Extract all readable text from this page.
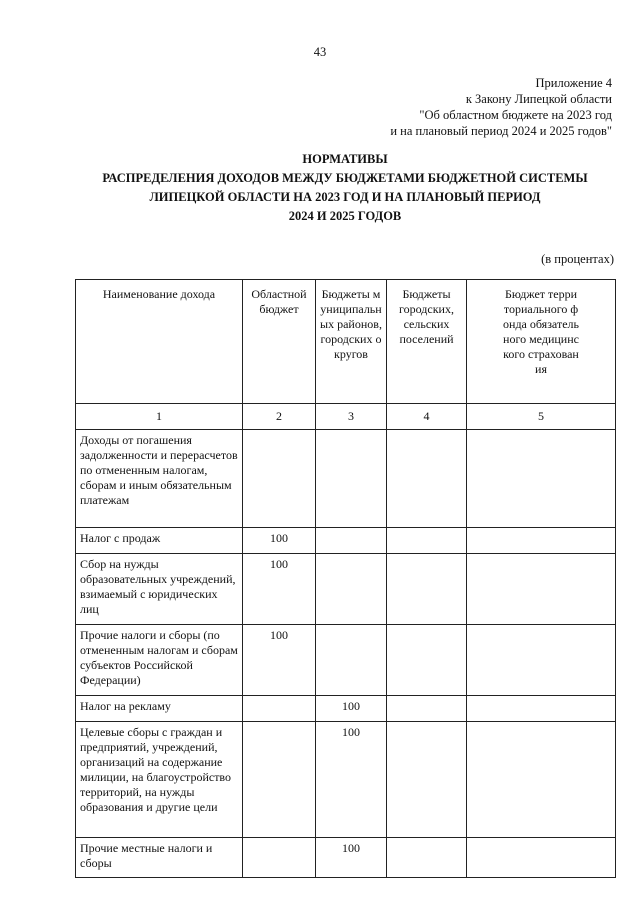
43
Приложение 4
к Закону Липецкой области
"Об областном бюджете на 2023 год
и на плановый период 2024 и 2025 годов"
НОРМАТИВЫ
РАСПРЕДЕЛЕНИЯ ДОХОДОВ МЕЖДУ БЮДЖЕТАМИ БЮДЖЕТНОЙ СИСТЕМЫ
ЛИПЕЦКОЙ ОБЛАСТИ НА 2023 ГОД И НА ПЛАНОВЫЙ ПЕРИОД
2024 И 2025 ГОДОВ
(в процентах)
Наименование дохода	Областной бюджет	Бюджеты муниципальных районов, городских округов	Бюджеты городских, сельских поселений	Бюджет территориального фонда обязательного медицинского страхования
1	2	3	4	5
Доходы от погашения задолженности и перерасчетов по отмененным налогам, сборам и иным обязательным платежам				
Налог с продаж	100			
Сбор на нужды образовательных учреждений, взимаемый с юридических лиц	100			
Прочие налоги и сборы (по отмененным налогам и сборам субъектов Российской Федерации)	100			
Налог на рекламу		100		
Целевые сборы с граждан и предприятий, учреждений, организаций на содержание милиции, на благоустройство территорий, на нужды образования и другие цели		100		
Прочие местные налоги и сборы		100		
